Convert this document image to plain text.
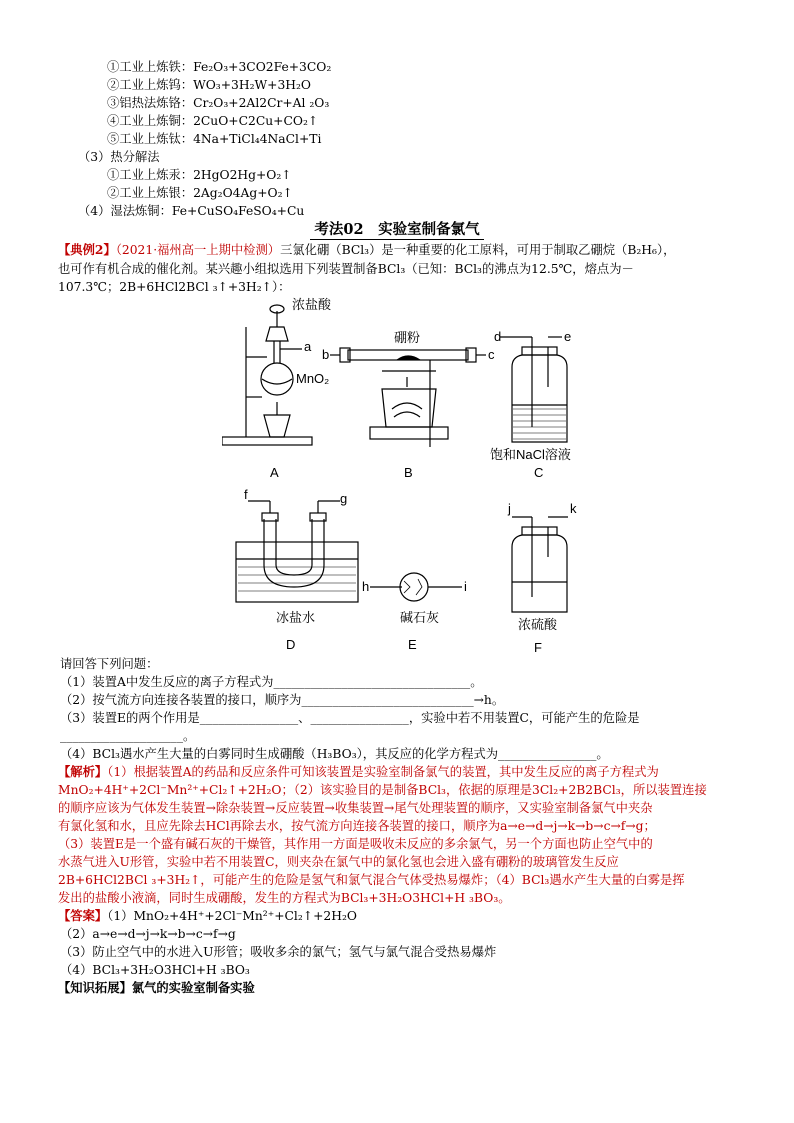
①工业上炼铁：Fe₂O₃+3CO2Fe+3CO₂
②工业上炼钨：WO₃+3H₂W+3H₂O
③铝热法炼铬：Cr₂O₃+2Al2Cr+Al ₂O₃
④工业上炼铜：2CuO+C2Cu+CO₂↑
⑤工业上炼钛：4Na+TiCl₄4NaCl+Ti
（3）热分解法
①工业上炼汞：2HgO2Hg+O₂↑
②工业上炼银：2Ag₂O4Ag+O₂↑
（4）湿法炼铜：Fe+CuSO₄FeSO₄+Cu
考法02　实验室制备氯气
【典例2】（2021·福州高一上期中检测）三氯化硼（BCl₃）是一种重要的化工原料，可用于制取乙硼烷（B₂H₆），
也可作有机合成的催化剂。某兴趣小组拟选用下列装置制备BCl₃（已知：BCl₃的沸点为12.5℃，熔点为－
107.3℃；2B+6HCl2BCl ₃↑+3H₂↑）：
浓盐酸
a
MnO₂
硼粉
b	c
d	e
饱和NaCl溶液
A	B	C
f	g
h	i
j	k
冰盐水	碱石灰	浓硫酸
D	E	F
请回答下列问题：
（1）装置A中发生反应的离子方程式为________________________________。
（2）按气流方向连接各装置的接口，顺序为____________________________→h。
（3）装置E的两个作用是________________、________________，实验中若不用装置C，可能产生的危险是
____________________。
（4）BCl₃遇水产生大量的白雾同时生成硼酸（H₃BO₃），其反应的化学方程式为________________。
【解析】（1）根据装置A的药品和反应条件可知该装置是实验室制备氯气的装置，其中发生反应的离子方程式为
MnO₂+4H⁺+2Cl⁻Mn²⁺+Cl₂↑+2H₂O；（2）该实验目的是制备BCl₃，依据的原理是3Cl₂+2B2BCl₃，所以装置连接
的顺序应该为气体发生装置→除杂装置→反应装置→收集装置→尾气处理装置的顺序，又实验室制备氯气中夹杂
有氯化氢和水，且应先除去HCl再除去水，按气流方向连接各装置的接口，顺序为a→e→d→j→k→b→c→f→g；
（3）装置E是一个盛有碱石灰的干燥管，其作用一方面是吸收未反应的多余氯气，另一个方面也防止空气中的
水蒸气进入U形管，实验中若不用装置C，则夹杂在氯气中的氯化氢也会进入盛有硼粉的玻璃管发生反应
2B+6HCl2BCl ₃+3H₂↑，可能产生的危险是氢气和氯气混合气体受热易爆炸；（4）BCl₃遇水产生大量的白雾是挥
发出的盐酸小液滴，同时生成硼酸，发生的方程式为BCl₃+3H₂O3HCl+H ₃BO₃。
【答案】（1）MnO₂+4H⁺+2Cl⁻Mn²⁺+Cl₂↑+2H₂O
（2）a→e→d→j→k→b→c→f→g
（3）防止空气中的水进入U形管；吸收多余的氯气；氢气与氯气混合受热易爆炸
（4）BCl₃+3H₂O3HCl+H ₃BO₃
【知识拓展】氯气的实验室制备实验
